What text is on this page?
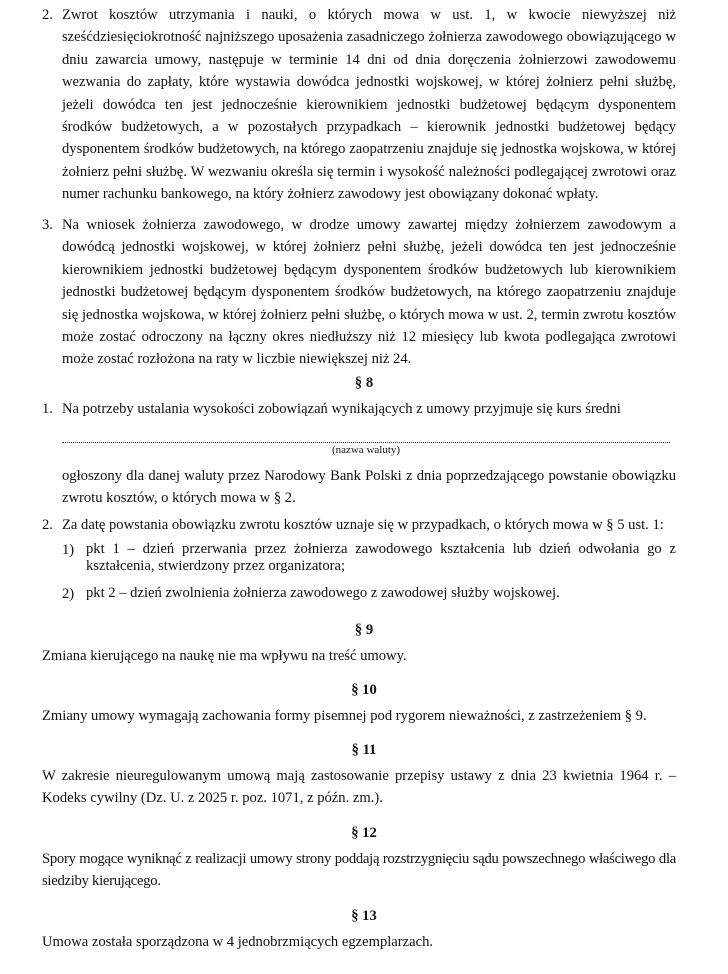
2. Zwrot kosztów utrzymania i nauki, o których mowa w ust. 1, w kwocie niewyższej niż sześćdziesięciokrotność najniższego uposażenia zasadniczego żołnierza zawodowego obowiązującego w dniu zawarcia umowy, następuje w terminie 14 dni od dnia doręczenia żołnierzowi zawodowemu wezwania do zapłaty, które wystawia dowódca jednostki wojskowej, w której żołnierz pełni służbę, jeżeli dowódca ten jest jednocześnie kierownikiem jednostki budżetowej będącym dysponentem środków budżetowych, a w pozostałych przypadkach – kierownik jednostki budżetowej będący dysponentem środków budżetowych, na którego zaopatrzeniu znajduje się jednostka wojskowa, w której żołnierz pełni służbę. W wezwaniu określa się termin i wysokość należności podlegającej zwrotowi oraz numer rachunku bankowego, na który żołnierz zawodowy jest obowiązany dokonać wpłaty.
3. Na wniosek żołnierza zawodowego, w drodze umowy zawartej między żołnierzem zawodowym a dowódcą jednostki wojskowej, w której żołnierz pełni służbę, jeżeli dowódca ten jest jednocześnie kierownikiem jednostki budżetowej będącym dysponentem środków budżetowych lub kierownikiem jednostki budżetowej będącym dysponentem środków budżetowych, na którego zaopatrzeniu znajduje się jednostka wojskowa, w której żołnierz pełni służbę, o których mowa w ust. 2, termin zwrotu kosztów może zostać odroczony na łączny okres niedłuższy niż 12 miesięcy lub kwota podlegająca zwrotowi może zostać rozłożona na raty w liczbie niewiększej niż 24.
§ 8
1. Na potrzeby ustalania wysokości zobowiązań wynikających z umowy przyjmuje się kurs średni
(nazwa waluty)
ogłoszony dla danej waluty przez Narodowy Bank Polski z dnia poprzedzającego powstanie obowiązku zwrotu kosztów, o których mowa w § 2.
2. Za datę powstania obowiązku zwrotu kosztów uznaje się w przypadkach, o których mowa w § 5 ust. 1:
1) pkt 1 – dzień przerwania przez żołnierza zawodowego kształcenia lub dzień odwołania go z kształcenia, stwierdzony przez organizatora;
2) pkt 2 – dzień zwolnienia żołnierza zawodowego z zawodowej służby wojskowej.
§ 9
Zmiana kierującego na naukę nie ma wpływu na treść umowy.
§ 10
Zmiany umowy wymagają zachowania formy pisemnej pod rygorem nieważności, z zastrzeżeniem § 9.
§ 11
W zakresie nieuregulowanym umową mają zastosowanie przepisy ustawy z dnia 23 kwietnia 1964 r. – Kodeks cywilny (Dz. U. z 2025 r. poz. 1071, z późn. zm.).
§ 12
Spory mogące wyniknąć z realizacji umowy strony poddają rozstrzygnięciu sądu powszechnego właściwego dla siedziby kierującego.
§ 13
Umowa została sporządzona w 4 jednobrzmiących egzemplarzach.
